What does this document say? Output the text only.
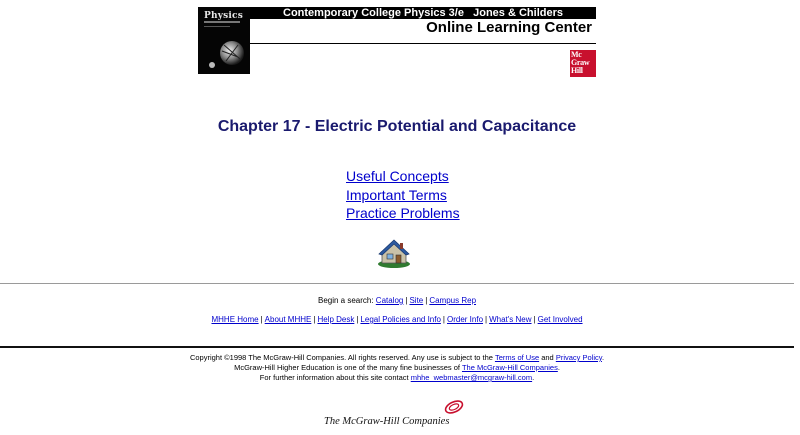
Physics	Contemporary College Physics 3/e   Jones & Childers
Online Learning Center
Mc
Graw
Hill
Chapter 17 - Electric Potential and Capacitance
Useful Concepts
Important Terms
Practice Problems
Begin a search: Catalog | Site | Campus Rep
MHHE Home | About MHHE | Help Desk | Legal Policies and Info | Order Info | What's New | Get Involved
Copyright ©1998 The McGraw-Hill Companies. All rights reserved. Any use is subject to the Terms of Use and Privacy Policy.
McGraw-Hill Higher Education is one of the many fine businesses of The McGraw-Hill Companies.
For further information about this site contact mhhe_webmaster@mcgraw-hill.com.
The McGraw-Hill Companies
